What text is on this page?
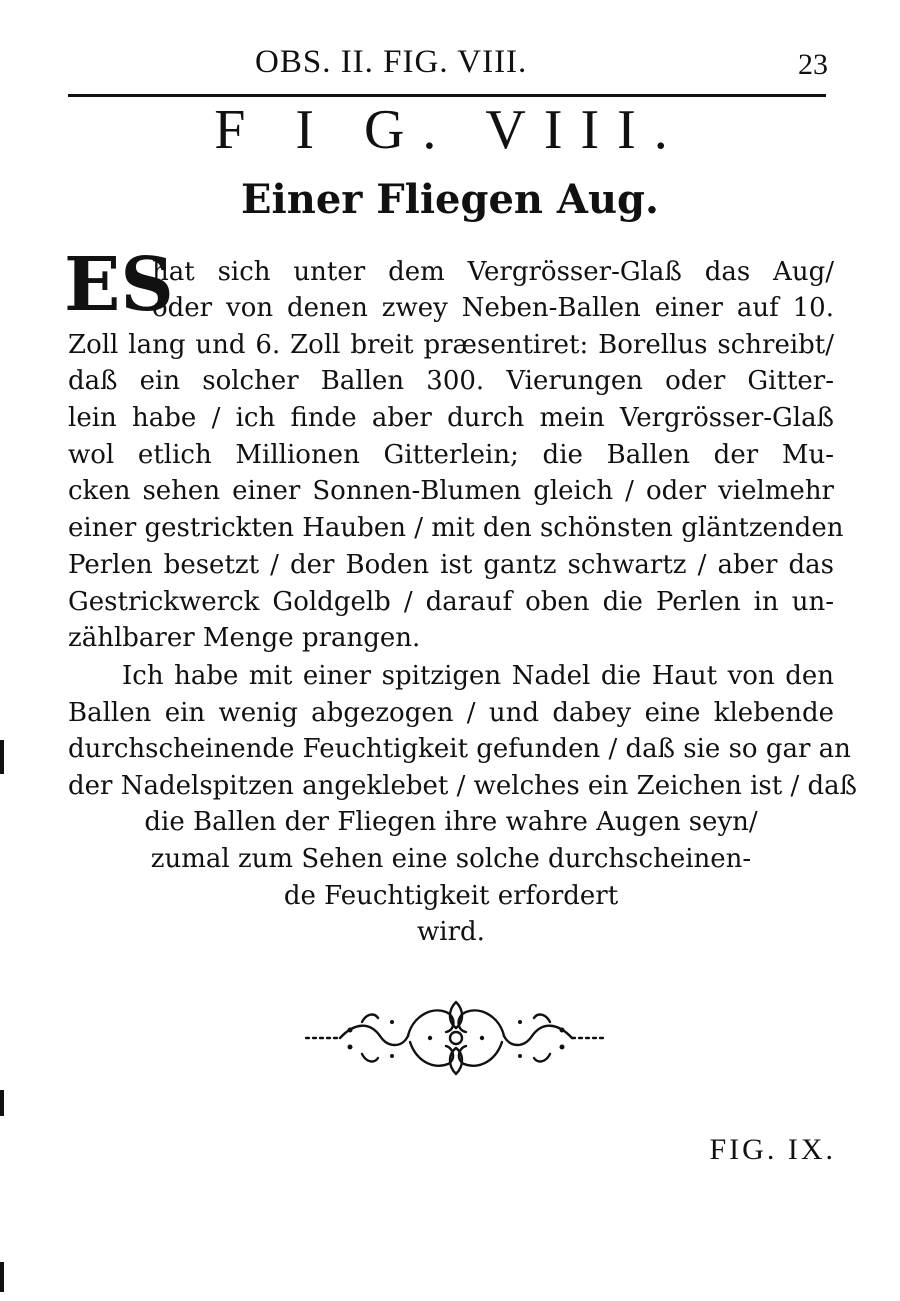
OBS. II. FIG. VIII.	23
F I G. VIII.
Einer Fliegen Aug.
ES
hat sich unter dem Vergrösser-Glaß das Aug/
oder von denen zwey Neben-Ballen einer auf 10.
Zoll lang und 6. Zoll breit præsentiret: Borellus schreibt/
daß ein solcher Ballen 300. Vierungen oder Gitter-
lein habe / ich finde aber durch mein Vergrösser-Glaß
wol etlich Millionen Gitterlein; die Ballen der Mu-
cken sehen einer Sonnen-Blumen gleich / oder vielmehr
einer gestrickten Hauben / mit den schönsten gläntzenden
Perlen besetzt / der Boden ist gantz schwartz / aber das
Gestrickwerck Goldgelb / darauf oben die Perlen in un-
zählbarer Menge prangen.
Ich habe mit einer spitzigen Nadel die Haut von den
Ballen ein wenig abgezogen / und dabey eine klebende
durchscheinende Feuchtigkeit gefunden / daß sie so gar an
der Nadelspitzen angeklebet / welches ein Zeichen ist / daß
die Ballen der Fliegen ihre wahre Augen seyn/
zumal zum Sehen eine solche durchscheinen-
de Feuchtigkeit erfordert
wird.
FIG. IX.
